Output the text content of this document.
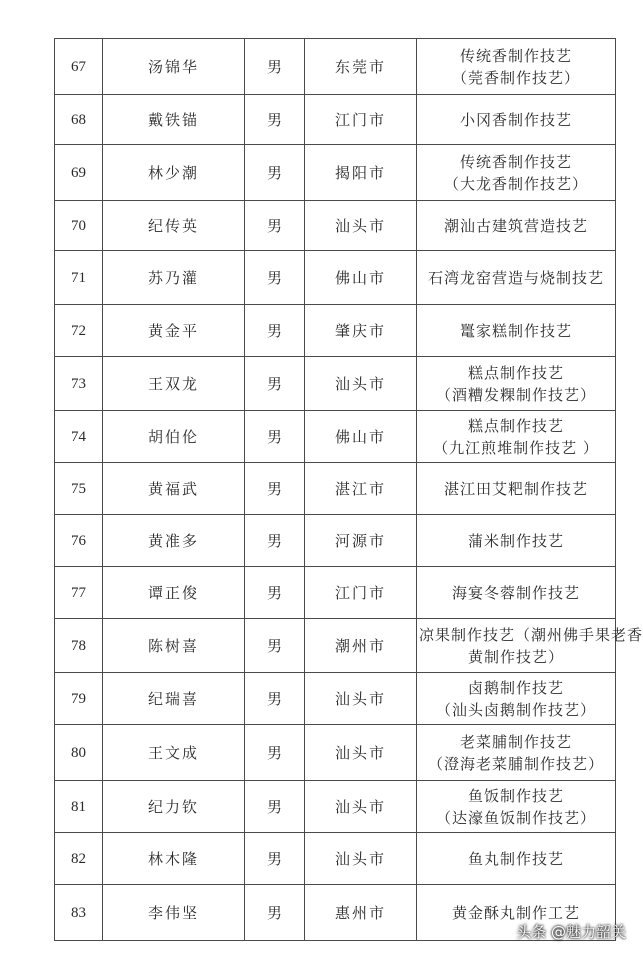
67	汤锦华	男	东莞市	传统香制作技艺
（莞香制作技艺）

68	戴铁锚	男	江门市	小冈香制作技艺

69	林少潮	男	揭阳市	传统香制作技艺
（大龙香制作技艺）

70	纪传英	男	汕头市	潮汕古建筑营造技艺

71	苏乃灌	男	佛山市	石湾龙窑营造与烧制技艺

72	黄金平	男	肇庆市	鼍家糕制作技艺

73	王双龙	男	汕头市	糕点制作技艺
（酒糟发粿制作技艺）

74	胡伯伦	男	佛山市	糕点制作技艺
（九江煎堆制作技艺 ）

75	黄福武	男	湛江市	湛江田艾粑制作技艺

76	黄准多	男	河源市	蒲米制作技艺

77	谭正俊	男	江门市	海宴冬蓉制作技艺

78	陈树喜	男	潮州市	凉果制作技艺（潮州佛手果老香
黄制作技艺）

79	纪瑞喜	男	汕头市	卤鹅制作技艺
（汕头卤鹅制作技艺）

80	王文成	男	汕头市	老菜脯制作技艺
（澄海老菜脯制作技艺）

81	纪力钦	男	汕头市	鱼饭制作技艺
（达濠鱼饭制作技艺）

82	林木隆	男	汕头市	鱼丸制作技艺

83	李伟坚	男	惠州市	黄金酥丸制作工艺
头条 @魅力韶关
